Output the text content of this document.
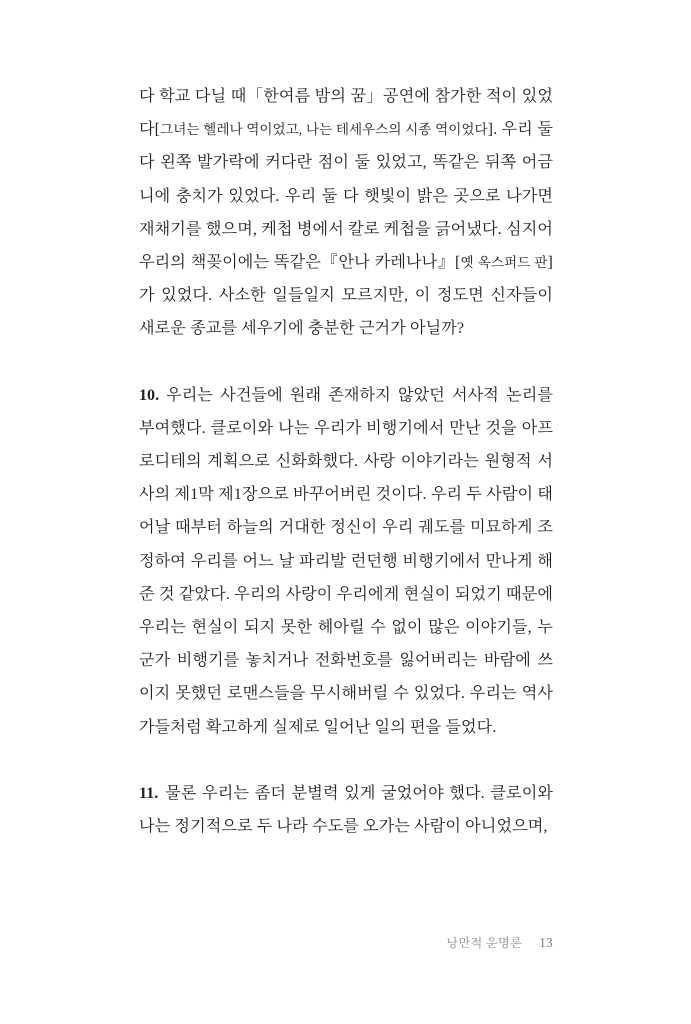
다 학교 다닐 때「한여름 밤의 꿈」공연에 참가한 적이 있었다[그녀는 헬레나 역이었고, 나는 테세우스의 시종 역이었다]. 우리 둘 다 왼쪽 발가락에 커다란 점이 둘 있었고, 똑같은 뒤쪽 어금니에 충치가 있었다. 우리 둘 다 햇빛이 밝은 곳으로 나가면 재채기를 했으며, 케첩 병에서 칼로 케첩을 긁어냈다. 심지어 우리의 책꽂이에는 똑같은『안나 카레나나』[옛 옥스퍼드 판]가 있었다. 사소한 일들일지 모르지만, 이 정도면 신자들이 새로운 종교를 세우기에 충분한 근거가 아닐까?

10. 우리는 사건들에 원래 존재하지 않았던 서사적 논리를 부여했다. 클로이와 나는 우리가 비행기에서 만난 것을 아프로디테의 계획으로 신화화했다. 사랑 이야기라는 원형적 서사의 제1막 제1장으로 바꾸어버린 것이다. 우리 두 사람이 태어날 때부터 하늘의 거대한 정신이 우리 궤도를 미묘하게 조정하여 우리를 어느 날 파리발 런던행 비행기에서 만나게 해준 것 같았다. 우리의 사랑이 우리에게 현실이 되었기 때문에 우리는 현실이 되지 못한 헤아릴 수 없이 많은 이야기들, 누군가 비행기를 놓치거나 전화번호를 잃어버리는 바람에 쓰이지 못했던 로맨스들을 무시해버릴 수 있었다. 우리는 역사가들처럼 확고하게 실제로 일어난 일의 편을 들었다.

11. 물론 우리는 좀더 분별력 있게 굴었어야 했다. 클로이와 나는 정기적으로 두 나라 수도를 오가는 사람이 아니었으며,

낭만적 운명론 13
